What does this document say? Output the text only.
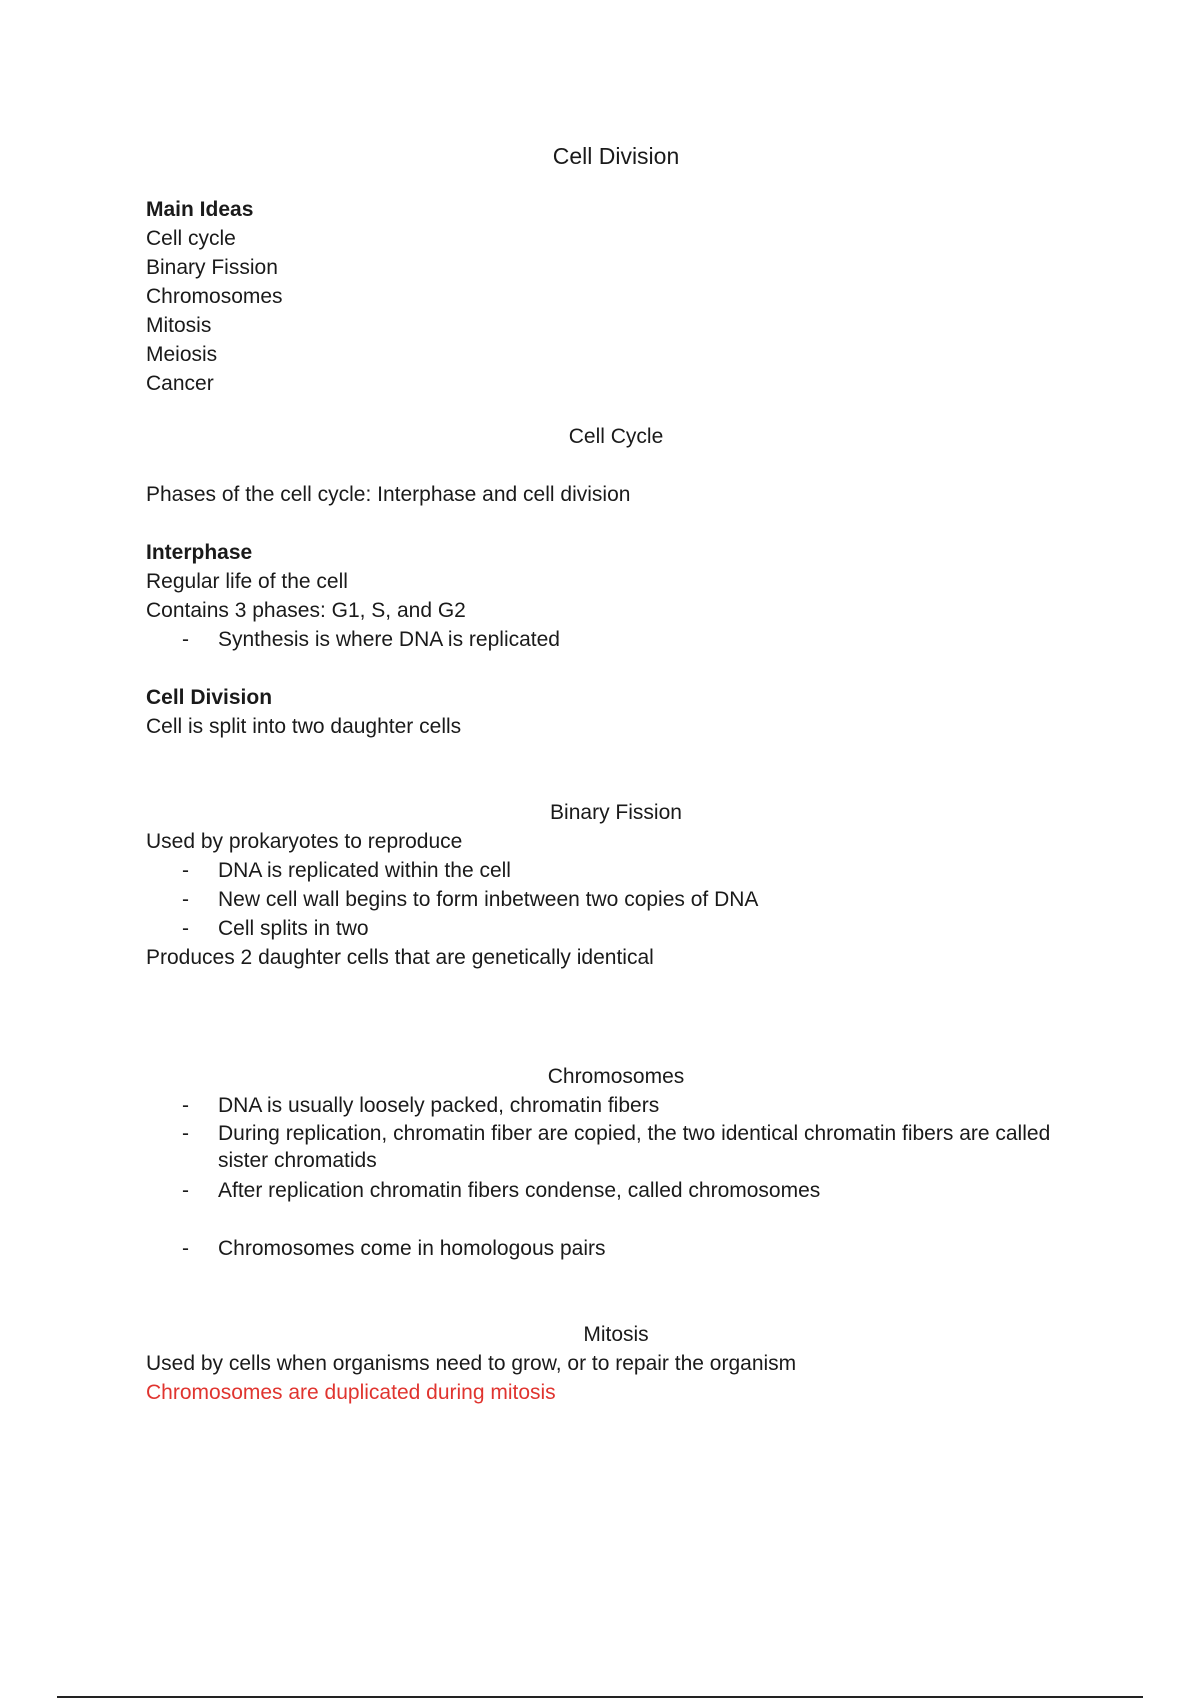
Cell Division
Main Ideas
Cell cycle
Binary Fission
Chromosomes
Mitosis
Meiosis
Cancer
Cell Cycle
Phases of the cell cycle: Interphase and cell division
Interphase
Regular life of the cell
Contains 3 phases: G1, S, and G2
- Synthesis is where DNA is replicated
Cell Division
Cell is split into two daughter cells
Binary Fission
Used by prokaryotes to reproduce
- DNA is replicated within the cell
- New cell wall begins to form inbetween two copies of DNA
- Cell splits in two
Produces 2 daughter cells that are genetically identical
Chromosomes
- DNA is usually loosely packed, chromatin fibers
- During replication, chromatin fiber are copied, the two identical chromatin fibers are called sister chromatids
- After replication chromatin fibers condense, called chromosomes
- Chromosomes come in homologous pairs
Mitosis
Used by cells when organisms need to grow, or to repair the organism
Chromosomes are duplicated during mitosis
